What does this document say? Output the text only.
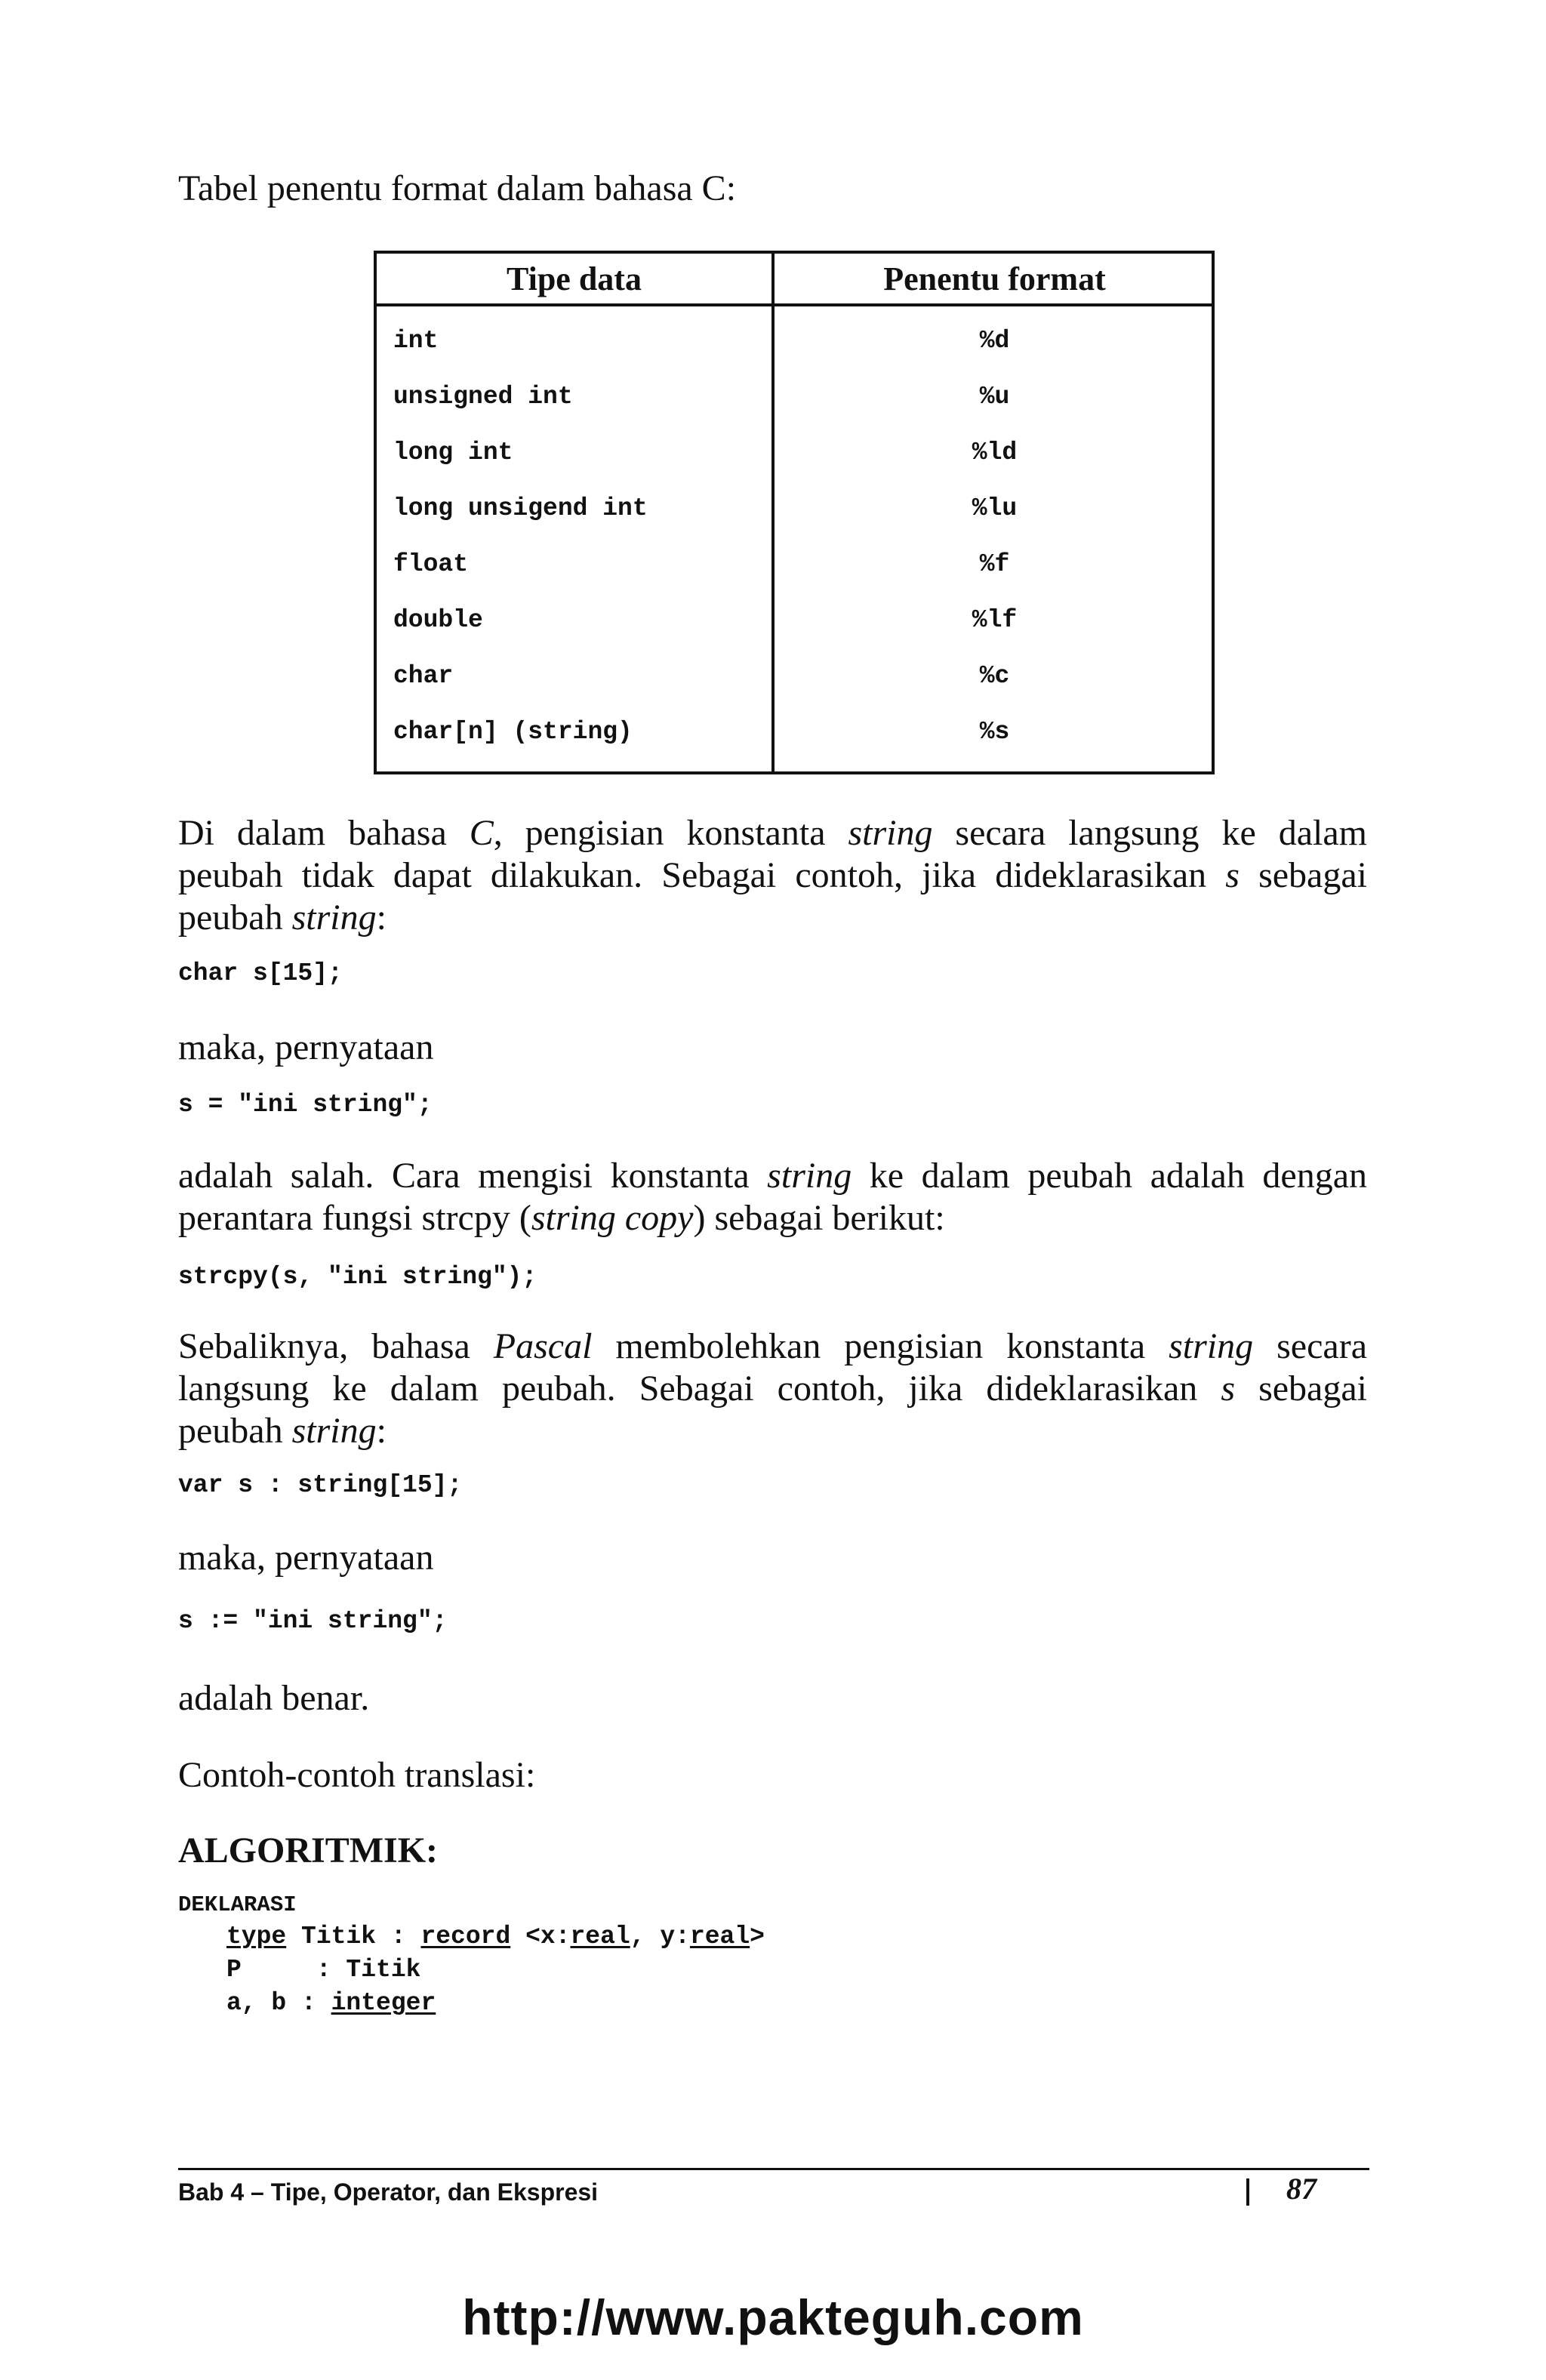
Tabel penentu format dalam bahasa C:
Tipe data	Penentu format
int	%d
unsigned int	%u
long int	%ld
long unsigend int	%lu
float	%f
double	%lf
char	%c
char[n] (string)	%s
Di dalam bahasa C, pengisian konstanta string secara langsung ke dalam
peubah tidak dapat dilakukan. Sebagai contoh, jika dideklarasikan s sebagai
peubah string:
char s[15];
maka, pernyataan
s = "ini string";
adalah salah. Cara mengisi konstanta string ke dalam peubah adalah dengan
perantara fungsi strcpy (string copy) sebagai berikut:
strcpy(s, "ini string");
Sebaliknya, bahasa Pascal membolehkan pengisian konstanta string secara
langsung ke dalam peubah. Sebagai contoh, jika dideklarasikan s sebagai
peubah string:
var s : string[15];
maka, pernyataan
s := "ini string";
adalah benar.
Contoh-contoh translasi:
ALGORITMIK:
DEKLARASI
type Titik : record <x:real, y:real>
P     : Titik
a, b : integer
Bab 4 – Tipe, Operator, dan Ekspresi	87
http://www.pakteguh.com
